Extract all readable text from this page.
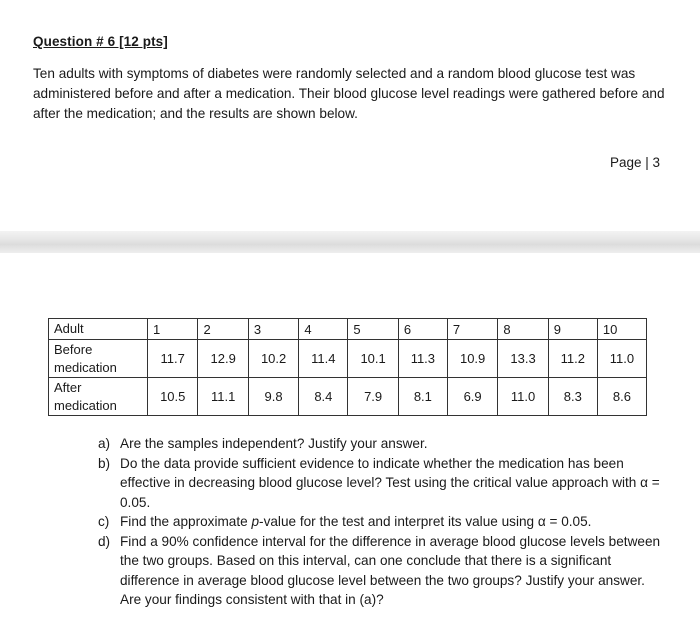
Question # 6 [12 pts]
Ten adults with symptoms of diabetes were randomly selected and a random blood glucose test was administered before and after a medication. Their blood glucose level readings were gathered before and after the medication; and the results are shown below.
Page | 3
Adult	1	2	3	4	5	6	7	8	9	10
Before medication	11.7	12.9	10.2	11.4	10.1	11.3	10.9	13.3	11.2	11.0
After medication	10.5	11.1	9.8	8.4	7.9	8.1	6.9	11.0	8.3	8.6
a) Are the samples independent? Justify your answer.
b) Do the data provide sufficient evidence to indicate whether the medication has been effective in decreasing blood glucose level? Test using the critical value approach with α = 0.05.
c) Find the approximate p-value for the test and interpret its value using α = 0.05.
d) Find a 90% confidence interval for the difference in average blood glucose levels between the two groups. Based on this interval, can one conclude that there is a significant difference in average blood glucose level between the two groups? Justify your answer. Are your findings consistent with that in (a)?
